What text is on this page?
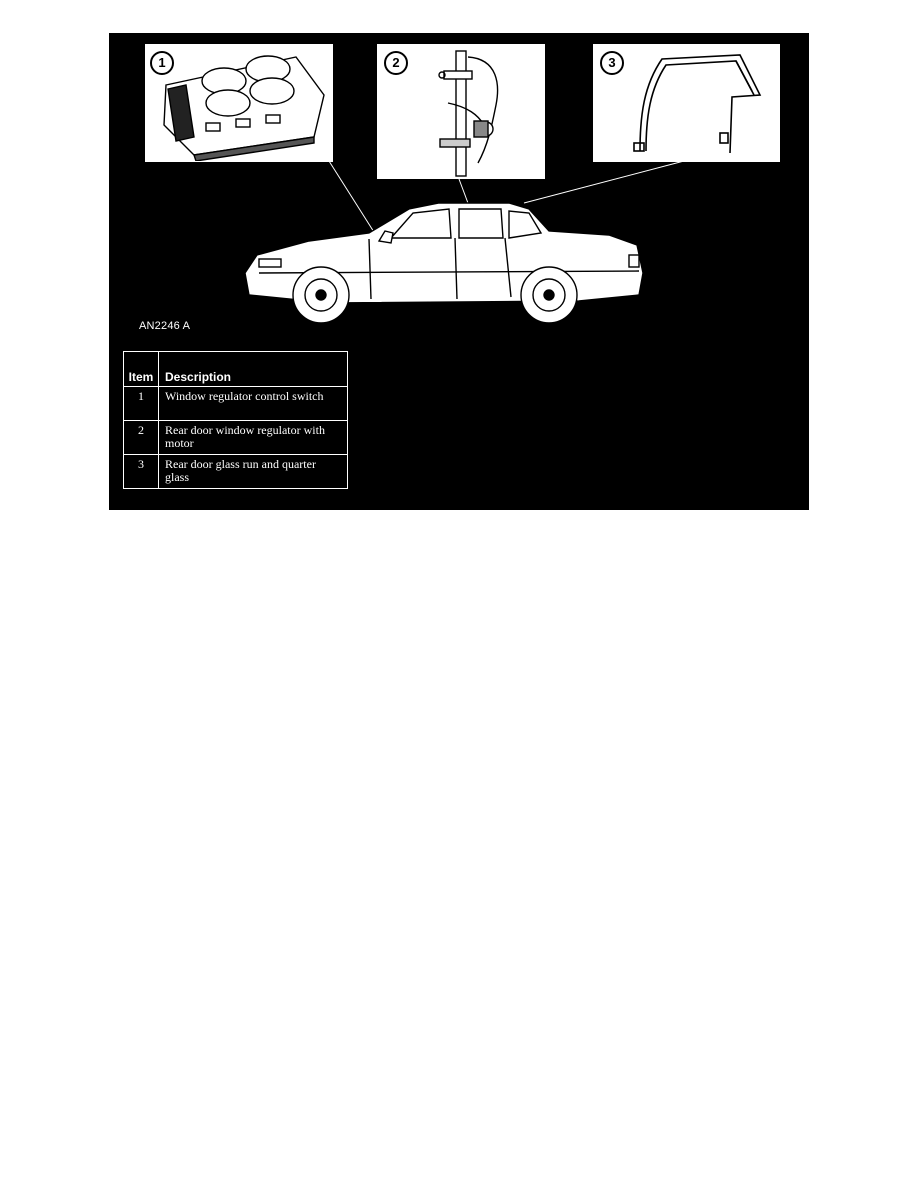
1	2	3
AN2246 A
Item	Description
1	Window regulator control switch
2	Rear door window regulator with motor
3	Rear door glass run and quarter glass
